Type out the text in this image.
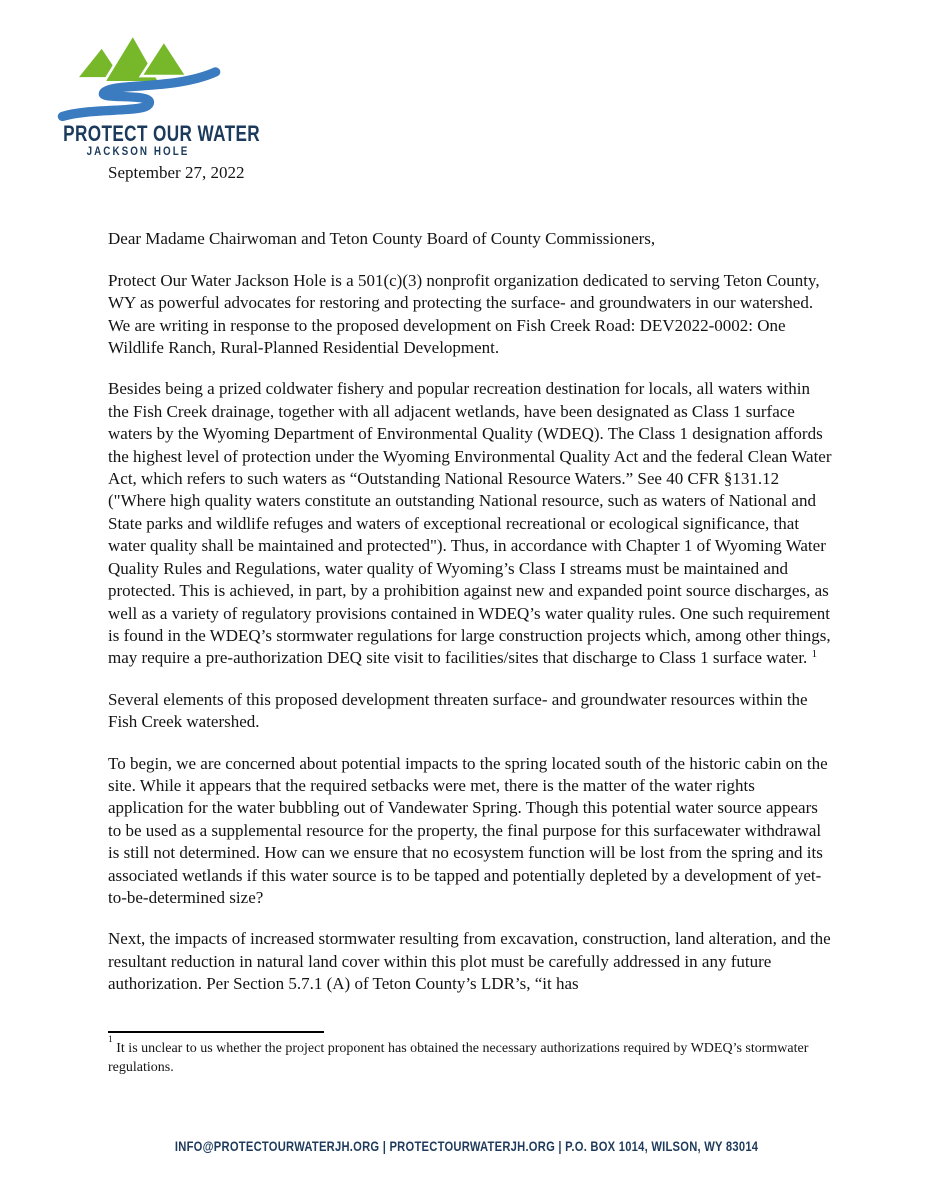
PROTECT OUR WATER
JACKSON HOLE

September 27, 2022

Dear Madame Chairwoman and Teton County Board of County Commissioners,

Protect Our Water Jackson Hole is a 501(c)(3) nonprofit organization dedicated to serving Teton County, WY as powerful advocates for restoring and protecting the surface- and groundwaters in our watershed. We are writing in response to the proposed development on Fish Creek Road: DEV2022-0002: One Wildlife Ranch, Rural-Planned Residential Development.

Besides being a prized coldwater fishery and popular recreation destination for locals, all waters within the Fish Creek drainage, together with all adjacent wetlands, have been designated as Class 1 surface waters by the Wyoming Department of Environmental Quality (WDEQ). The Class 1 designation affords the highest level of protection under the Wyoming Environmental Quality Act and the federal Clean Water Act, which refers to such waters as “Outstanding National Resource Waters.” See 40 CFR §131.12 ("Where high quality waters constitute an outstanding National resource, such as waters of National and State parks and wildlife refuges and waters of exceptional recreational or ecological significance, that water quality shall be maintained and protected"). Thus, in accordance with Chapter 1 of Wyoming Water Quality Rules and Regulations, water quality of Wyoming’s Class I streams must be maintained and protected. This is achieved, in part, by a prohibition against new and expanded point source discharges, as well as a variety of regulatory provisions contained in WDEQ’s water quality rules. One such requirement is found in the WDEQ’s stormwater regulations for large construction projects which, among other things, may require a pre-authorization DEQ site visit to facilities/sites that discharge to Class 1 surface water. $^1$

Several elements of this proposed development threaten surface- and groundwater resources within the Fish Creek watershed.

To begin, we are concerned about potential impacts to the spring located south of the historic cabin on the site. While it appears that the required setbacks were met, there is the matter of the water rights application for the water bubbling out of Vandewater Spring. Though this potential water source appears to be used as a supplemental resource for the property, the final purpose for this surfacewater withdrawal is still not determined. How can we ensure that no ecosystem function will be lost from the spring and its associated wetlands if this water source is to be tapped and potentially depleted by a development of yet-to-be-determined size?

Next, the impacts of increased stormwater resulting from excavation, construction, land alteration, and the resultant reduction in natural land cover within this plot must be carefully addressed in any future authorization. Per Section 5.7.1 (A) of Teton County’s LDR’s, “it has

$^1$ It is unclear to us whether the project proponent has obtained the necessary authorizations required by WDEQ’s stormwater regulations.

INFO@PROTECTOURWATERJH.ORG | PROTECTOURWATERJH.ORG | P.O. BOX 1014, WILSON, WY 83014
